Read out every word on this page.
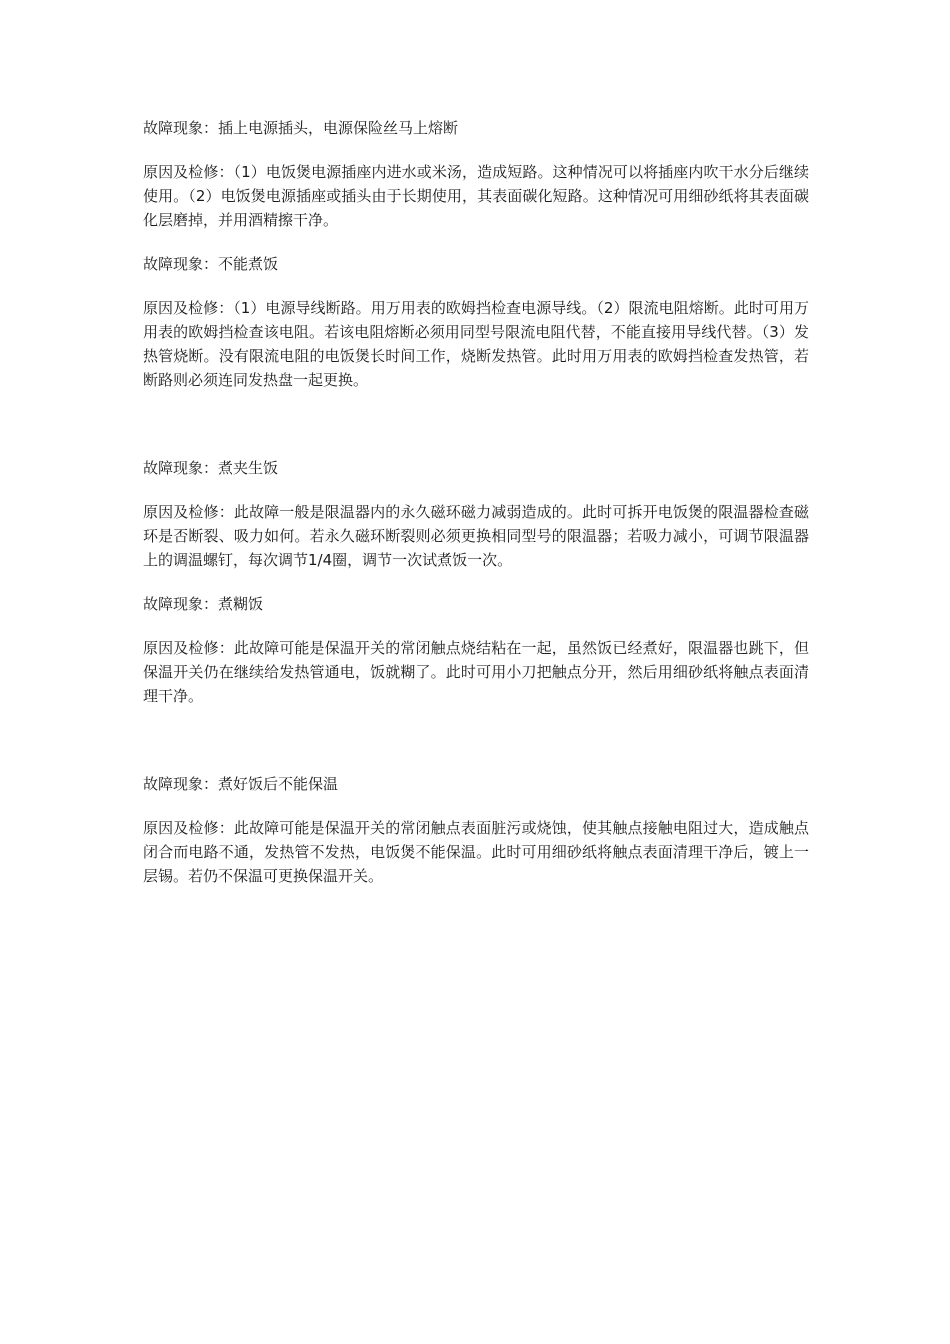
故障现象：插上电源插头，电源保险丝马上熔断

原因及检修：（1）电饭煲电源插座内进水或米汤，造成短路。这种情况可以将插座内吹干水分后继续使用。（2）电饭煲电源插座或插头由于长期使用，其表面碳化短路。这种情况可用细砂纸将其表面碳化层磨掉，并用酒精擦干净。

故障现象：不能煮饭

原因及检修：（1）电源导线断路。用万用表的欧姆挡检查电源导线。（2）限流电阻熔断。此时可用万用表的欧姆挡检查该电阻。若该电阻熔断必须用同型号限流电阻代替，不能直接用导线代替。（3）发热管烧断。没有限流电阻的电饭煲长时间工作，烧断发热管。此时用万用表的欧姆挡检查发热管，若断路则必须连同发热盘一起更换。

故障现象：煮夹生饭

原因及检修：此故障一般是限温器内的永久磁环磁力减弱造成的。此时可拆开电饭煲的限温器检查磁环是否断裂、吸力如何。若永久磁环断裂则必须更换相同型号的限温器；若吸力减小，可调节限温器上的调温螺钉，每次调节1/4圈，调节一次试煮饭一次。

故障现象：煮糊饭

原因及检修：此故障可能是保温开关的常闭触点烧结粘在一起，虽然饭已经煮好，限温器也跳下，但保温开关仍在继续给发热管通电，饭就糊了。此时可用小刀把触点分开，然后用细砂纸将触点表面清理干净。

故障现象：煮好饭后不能保温

原因及检修：此故障可能是保温开关的常闭触点表面脏污或烧蚀，使其触点接触电阻过大，造成触点闭合而电路不通，发热管不发热，电饭煲不能保温。此时可用细砂纸将触点表面清理干净后，镀上一层锡。若仍不保温可更换保温开关。
